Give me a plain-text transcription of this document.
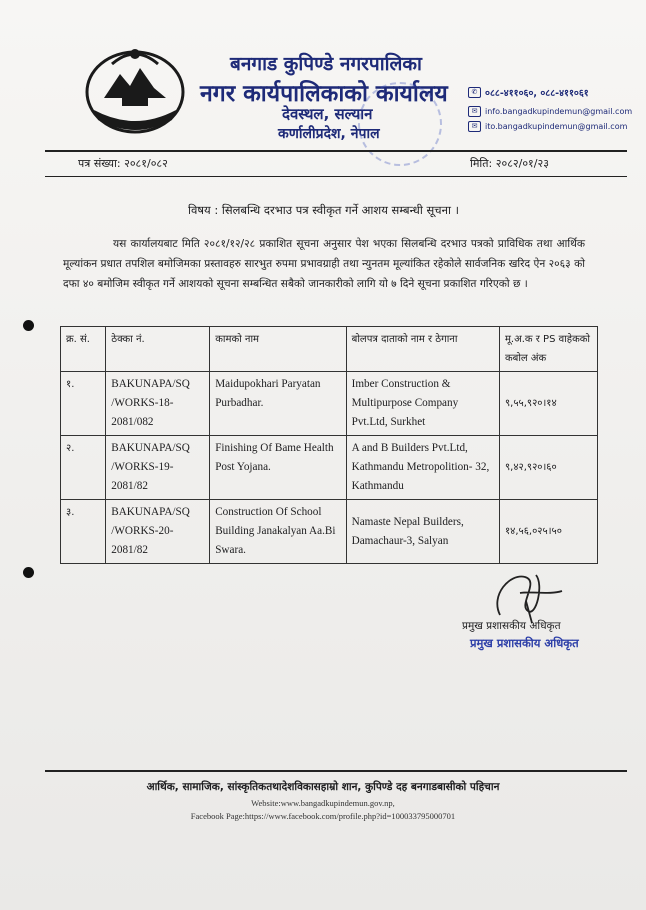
बनगाड कुपिण्डे नगरपालिका
नगर कार्यपालिकाको कार्यालय
देवस्थल, सल्यान
कर्णालीप्रदेश, नेपाल
✆ ०८८-४११०६०, ०८८-४११०६१
✉ info.bangadkupindemun@gmail.com
✉ ito.bangadkupindemun@gmail.com
पत्र संख्या: २०८१/०८२	मिति: २०८२/०१/२३
विषय : सिलबन्धि दरभाउ पत्र स्वीकृत गर्ने आशय सम्बन्धी सूचना ।
यस कार्यालयबाट मिति २०८१/१२/२८ प्रकाशित सूचना अनुसार पेश भएका सिलबन्धि दरभाउ पत्रको प्राविधिक तथा आर्थिक मूल्यांकन प्रधात तपशिल बमोजिमका प्रस्तावहरु सारभुत रुपमा प्रभावग्राही तथा न्युनतम मूल्यांकित रहेकोले सार्वजनिक खरिद ऐन २०६३ को दफा ४० बमोजिम स्वीकृत गर्ने आशयको सूचना सम्बन्धित सबैको जानकारीको लागि यो ७ दिने सूचना प्रकाशित गरिएको छ ।
क्र. सं.	ठेक्का नं.	कामको नाम	बोलपत्र दाताको नाम र ठेगाना	मू.अ.क र PS वाहेकको कबोल अंक
१.	BAKUNAPA/SQ /WORKS-18- 2081/082	Maidupokhari Paryatan Purbadhar.	Imber Construction & Multipurpose Company Pvt.Ltd, Surkhet	९,५५,९२०।१४
२.	BAKUNAPA/SQ /WORKS-19- 2081/82	Finishing Of Bame Health Post Yojana.	A and B Builders Pvt.Ltd, Kathmandu Metropolition- 32, Kathmandu	९,४२,९२०।६०
३.	BAKUNAPA/SQ /WORKS-20- 2081/82	Construction Of School Building Janakalyan Aa.Bi Swara.	Namaste Nepal Builders, Damachaur-3, Salyan	१४,५६,०२५।५०
प्रमुख प्रशासकीय अधिकृत
प्रमुख प्रशासकीय अधिकृत
आर्थिक, सामाजिक, सांस्कृतिकतथादेशविकासहाम्रो शान, कुपिण्डे दह बनगाडबासीको पहिचान
Website:www.bangadkupindemun.gov.np,
Facebook Page:https://www.facebook.com/profile.php?id=100033795000701
